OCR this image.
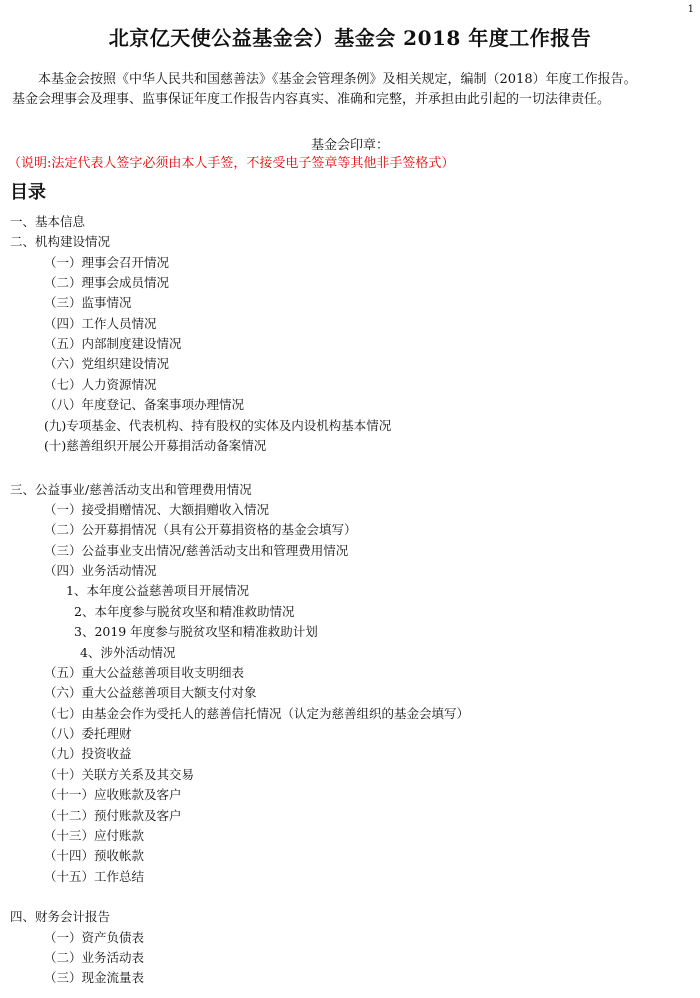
1
北京亿天使公益基金会）基金会 2018 年度工作报告

本基金会按照《中华人民共和国慈善法》《基金会管理条例》及相关规定，编制（2018）年度工作报告。

基金会理事会及理事、监事保证年度工作报告内容真实、准确和完整，并承担由此引起的一切法律责任。

基金会印章：
（说明:法定代表人签字必须由本人手签，不接受电子签章等其他非手签格式）
目录
一、基本信息
二、机构建设情况
（一）理事会召开情况
（二）理事会成员情况
（三）监事情况
（四）工作人员情况
（五）内部制度建设情况
（六）党组织建设情况
（七）人力资源情况
（八）年度登记、备案事项办理情况
(九)专项基金、代表机构、持有股权的实体及内设机构基本情况
(十)慈善组织开展公开募捐活动备案情况
三、公益事业/慈善活动支出和管理费用情况
（一）接受捐赠情况、大额捐赠收入情况
（二）公开募捐情况（具有公开募捐资格的基金会填写）
（三）公益事业支出情况/慈善活动支出和管理费用情况
（四）业务活动情况
1、本年度公益慈善项目开展情况
2、本年度参与脱贫攻坚和精准救助情况
3、2019 年度参与脱贫攻坚和精准救助计划
4、涉外活动情况
（五）重大公益慈善项目收支明细表
（六）重大公益慈善项目大额支付对象
（七）由基金会作为受托人的慈善信托情况（认定为慈善组织的基金会填写）
（八）委托理财
（九）投资收益
（十）关联方关系及其交易
（十一）应收账款及客户
（十二）预付账款及客户
（十三）应付账款
（十四）预收帐款
（十五）工作总结
四、财务会计报告
（一）资产负债表
（二）业务活动表
（三）现金流量表
